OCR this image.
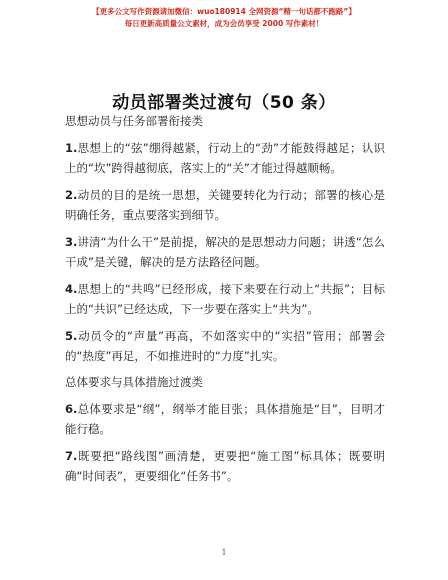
【更多公文写作资源请加微信：wuo180914 全网资源“精一句话都不跑路”】
每日更新高质量公文素材，成为会员享受 2000 写作素材！
动员部署类过渡句（50 条）
思想动员与任务部署衔接类

1.思想上的“弦”绷得越紧，行动上的“劲”才能鼓得越足；认识上的“坎”跨得越彻底，落实上的“关”才能过得越顺畅。

2.动员的目的是统一思想，关键要转化为行动；部署的核心是明确任务，重点要落实到细节。

3.讲清“为什么干”是前提，解决的是思想动力问题；讲透“怎么干成”是关键，解决的是方法路径问题。

4.思想上的“共鸣”已经形成，接下来要在行动上“共振”；目标上的“共识”已经达成，下一步要在落实上“共为”。

5.动员令的“声量”再高，不如落实中的“实招”管用；部署会的“热度”再足，不如推进时的“力度”扎实。

总体要求与具体措施过渡类

6.总体要求是“纲”，纲举才能目张；具体措施是“目”，目明才能行稳。

7.既要把“路线图”画清楚，更要把“施工图”标具体；既要明确“时间表”，更要细化“任务书”。

1
